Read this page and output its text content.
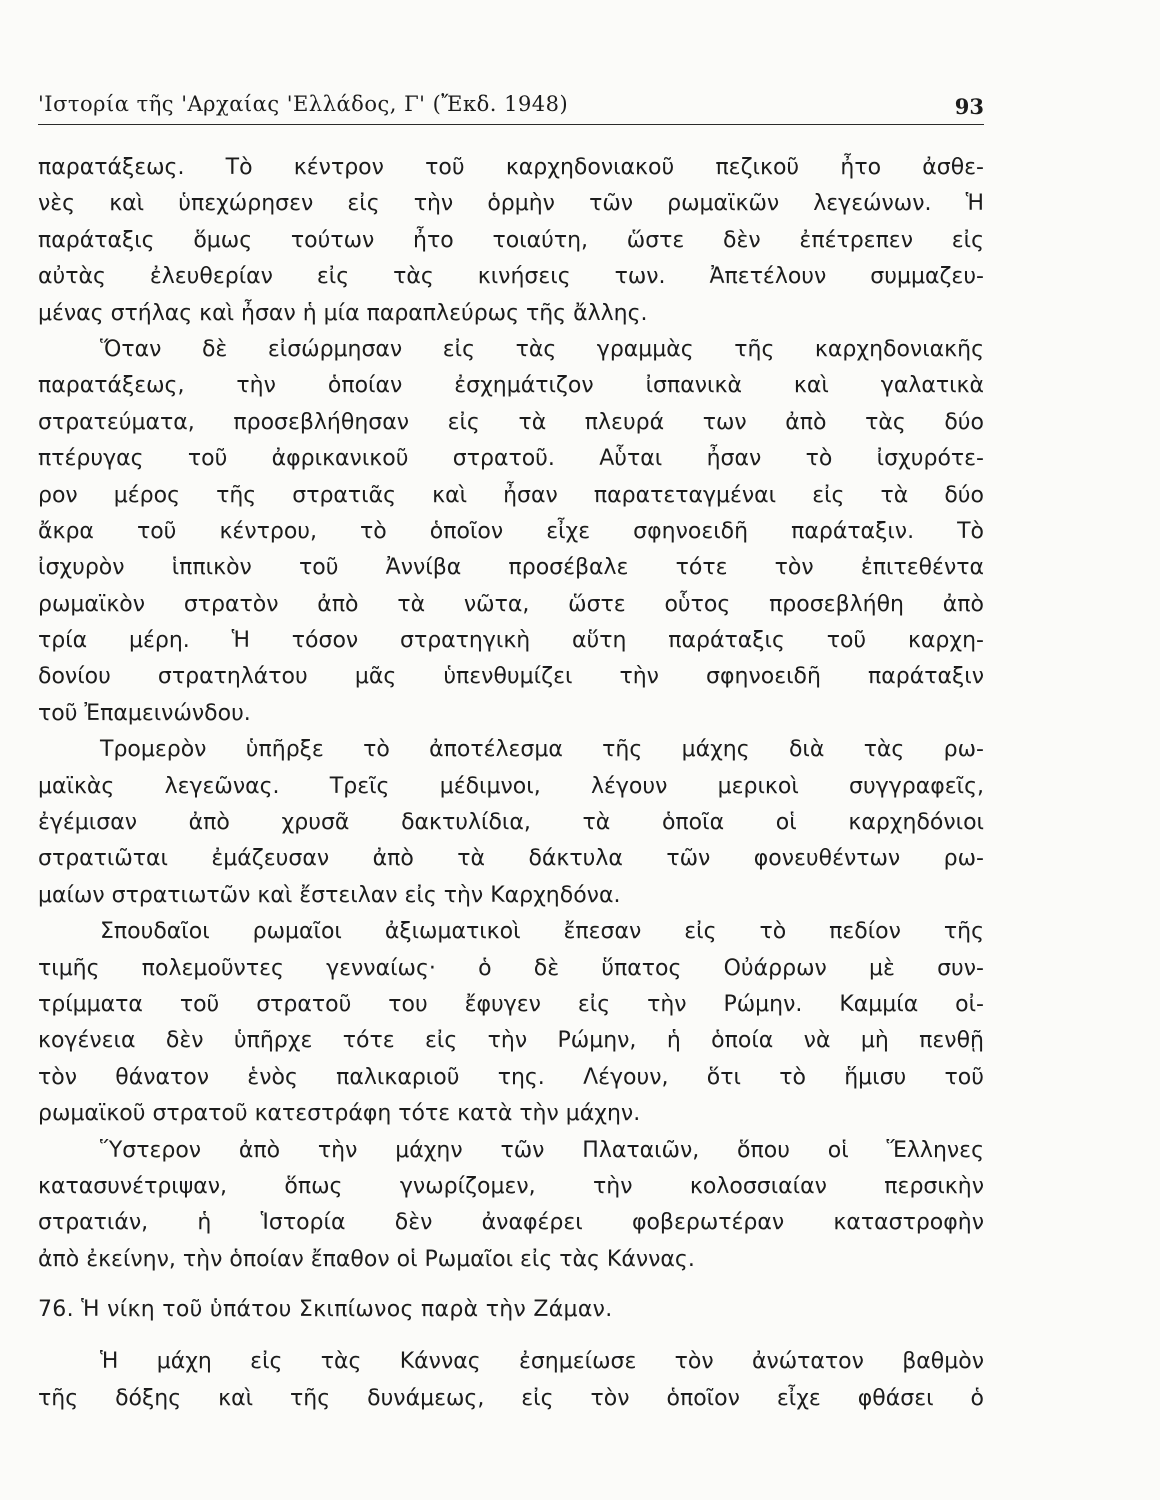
'Ιστορία τῆς 'Αρχαίας 'Ελλάδος, Γ' (Ἔκδ. 1948)	93
παρατάξεως. Τὸ κέντρον τοῦ καρχηδονιακοῦ πεζικοῦ ἦτο ἀσθε-
νὲς καὶ ὑπεχώρησεν εἰς τὴν ὁρμὴν τῶν ρωμαϊκῶν λεγεώνων. Ἡ
παράταξις ὅμως τούτων ἦτο τοιαύτη, ὥστε δὲν ἐπέτρεπεν εἰς
αὐτὰς ἐλευθερίαν εἰς τὰς κινήσεις των. Ἀπετέλουν συμμαζευ-
μένας στήλας καὶ ἦσαν ἡ μία παραπλεύρως τῆς ἄλλης.
Ὅταν δὲ εἰσώρμησαν εἰς τὰς γραμμὰς τῆς καρχηδονιακῆς
παρατάξεως, τὴν ὁποίαν ἐσχημάτιζον ἰσπανικὰ καὶ γαλατικὰ
στρατεύματα, προσεβλήθησαν εἰς τὰ πλευρά των ἀπὸ τὰς δύο
πτέρυγας τοῦ ἀφρικανικοῦ στρατοῦ. Αὗται ἦσαν τὸ ἰσχυρότε-
ρον μέρος τῆς στρατιᾶς καὶ ἦσαν παρατεταγμέναι εἰς τὰ δύο
ἄκρα τοῦ κέντρου, τὸ ὁποῖον εἶχε σφηνοειδῆ παράταξιν. Τὸ
ἰσχυρὸν ἱππικὸν τοῦ Ἀννίβα προσέβαλε τότε τὸν ἐπιτεθέντα
ρωμαϊκὸν στρατὸν ἀπὸ τὰ νῶτα, ὥστε οὗτος προσεβλήθη ἀπὸ
τρία μέρη. Ἡ τόσον στρατηγικὴ αὕτη παράταξις τοῦ καρχη-
δονίου στρατηλάτου μᾶς ὑπενθυμίζει τὴν σφηνοειδῆ παράταξιν
τοῦ Ἐπαμεινώνδου.
Τρομερὸν ὑπῆρξε τὸ ἀποτέλεσμα τῆς μάχης διὰ τὰς ρω-
μαϊκὰς λεγεῶνας. Τρεῖς μέδιμνοι, λέγουν μερικοὶ συγγραφεῖς,
ἐγέμισαν ἀπὸ χρυσᾶ δακτυλίδια, τὰ ὁποῖα οἱ καρχηδόνιοι
στρατιῶται ἐμάζευσαν ἀπὸ τὰ δάκτυλα τῶν φονευθέντων ρω-
μαίων στρατιωτῶν καὶ ἔστειλαν εἰς τὴν Καρχηδόνα.
Σπουδαῖοι ρωμαῖοι ἀξιωματικοὶ ἔπεσαν εἰς τὸ πεδίον τῆς
τιμῆς πολεμοῦντες γενναίως· ὁ δὲ ὕπατος Οὐάρρων μὲ συν-
τρίμματα τοῦ στρατοῦ του ἔφυγεν εἰς τὴν Ρώμην. Καμμία οἰ-
κογένεια δὲν ὑπῆρχε τότε εἰς τὴν Ρώμην, ἡ ὁποία νὰ μὴ πενθῇ
τὸν θάνατον ἑνὸς παλικαριοῦ της. Λέγουν, ὅτι τὸ ἥμισυ τοῦ
ρωμαϊκοῦ στρατοῦ κατεστράφη τότε κατὰ τὴν μάχην.
Ὕστερον ἀπὸ τὴν μάχην τῶν Πλαταιῶν, ὅπου οἱ Ἕλληνες
κατασυνέτριψαν, ὅπως γνωρίζομεν, τὴν κολοσσιαίαν περσικὴν
στρατιάν, ἡ Ἱστορία δὲν ἀναφέρει φοβερωτέραν καταστροφὴν
ἀπὸ ἐκείνην, τὴν ὁποίαν ἔπαθον οἱ Ρωμαῖοι εἰς τὰς Κάννας.
76. Ἡ νίκη τοῦ ὑπάτου Σκιπίωνος παρὰ τὴν Ζάμαν.
Ἡ μάχη εἰς τὰς Κάννας ἐσημείωσε τὸν ἀνώτατον βαθμὸν
τῆς δόξης καὶ τῆς δυνάμεως, εἰς τὸν ὁποῖον εἶχε φθάσει ὁ
